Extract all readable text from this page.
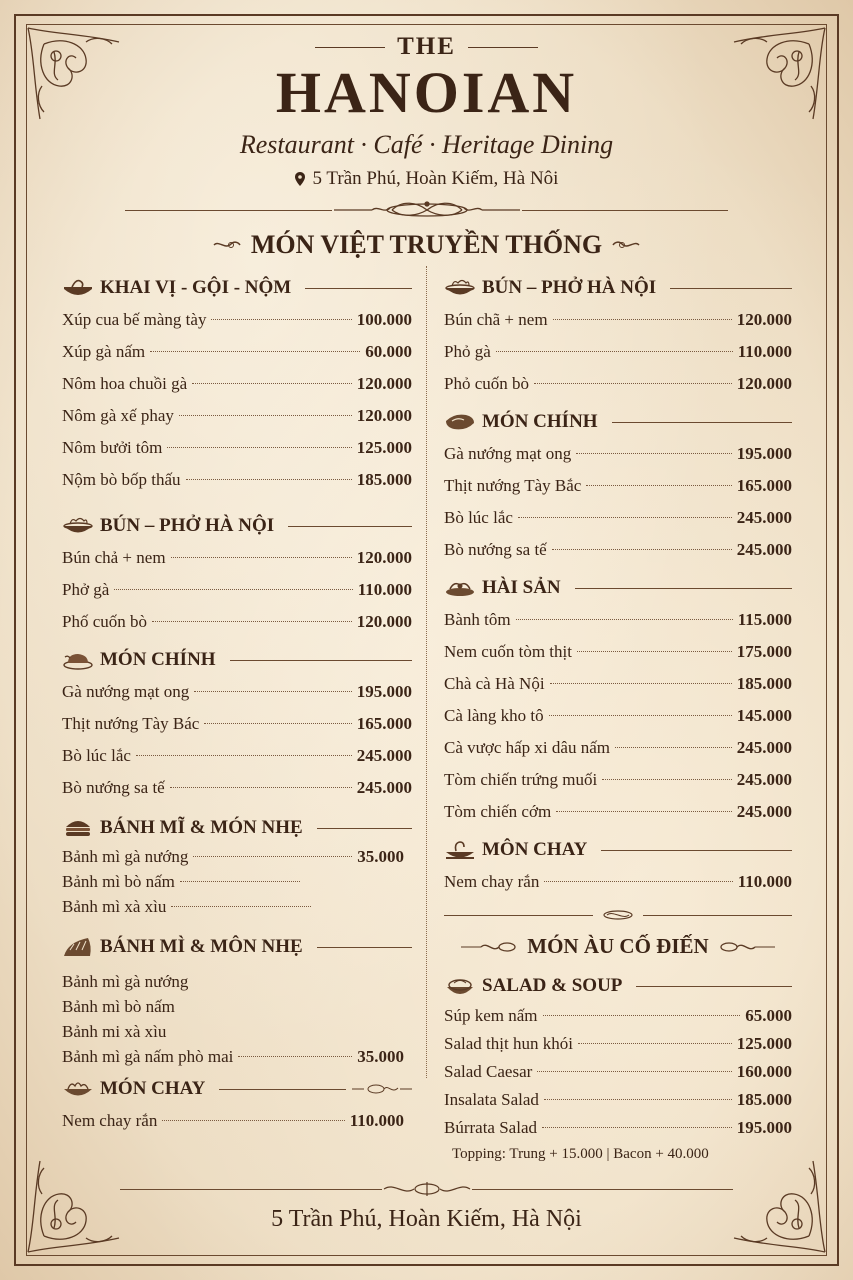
THE
HANOIAN
Restaurant · Café · Heritage Dining
5 Trần Phú, Hoàn Kiếm, Hà Nôi
MÓN VIỆT TRUYỀN THỐNG
KHAI VỊ - GỘI - NỘM
Xúp cua bế màng tày	100.000
Xúp gà nấm	60.000
Nôm hoa chuồi gà	120.000
Nôm gà xế phay	120.000
Nôm bưởi tôm	125.000
Nộm bò bốp thấu	185.000
BÚN – PHỞ HÀ NỘI
Bún chả + nem	120.000
Phở gà	110.000
Phố cuốn bò	120.000
MÓN CHÍNH
Gà nướng mạt ong	195.000
Thịt nướng Tày Bác	165.000
Bò lúc lắc	245.000
Bò nướng sa tế	245.000
BÁNH MĨ & MÓN NHẸ
Bảnh mì gà nướng	35.000
Bảnh mì bò nấm
Bảnh mì xà xìu
BÁNH MÌ & MÔN NHẸ
Bảnh mì gà nướng
Bảnh mì bò nấm
Bảnh mi xà xìu
Bảnh mì gà nấm phò mai	35.000
MÓN CHAY
Nem chay rắn	110.000
BÚN – PHỞ HÀ NỘI
Bún chã + nem	120.000
Phỏ gà	110.000
Phỏ cuốn bò	120.000
MÓN CHÍNH
Gà nướng mạt ong	195.000
Thịt nướng Tày Bắc	165.000
Bò lúc lắc	245.000
Bò nướng sa tế	245.000
HÀI SẢN
Bành tôm	115.000
Nem cuốn tòm thịt	175.000
Chà cà Hà Nội	185.000
Cà làng kho tô	145.000
Cà vược hấp xi dâu nấm	245.000
Tòm chiến trứng muối	245.000
Tòm chiến cớm	245.000
MÔN CHAY
Nem chay rắn	110.000
MÓN ÀU CỐ ĐIẾN
SALAD & SOUP
Súp kem nấm	65.000
Salad thịt hun khói	125.000
Salad Caesar	160.000
Insalata Salad	185.000
Búrrata Salad	195.000
Topping: Trung + 15.000 | Bacon + 40.000
5 Trần Phú, Hoàn Kiếm, Hà Nội
